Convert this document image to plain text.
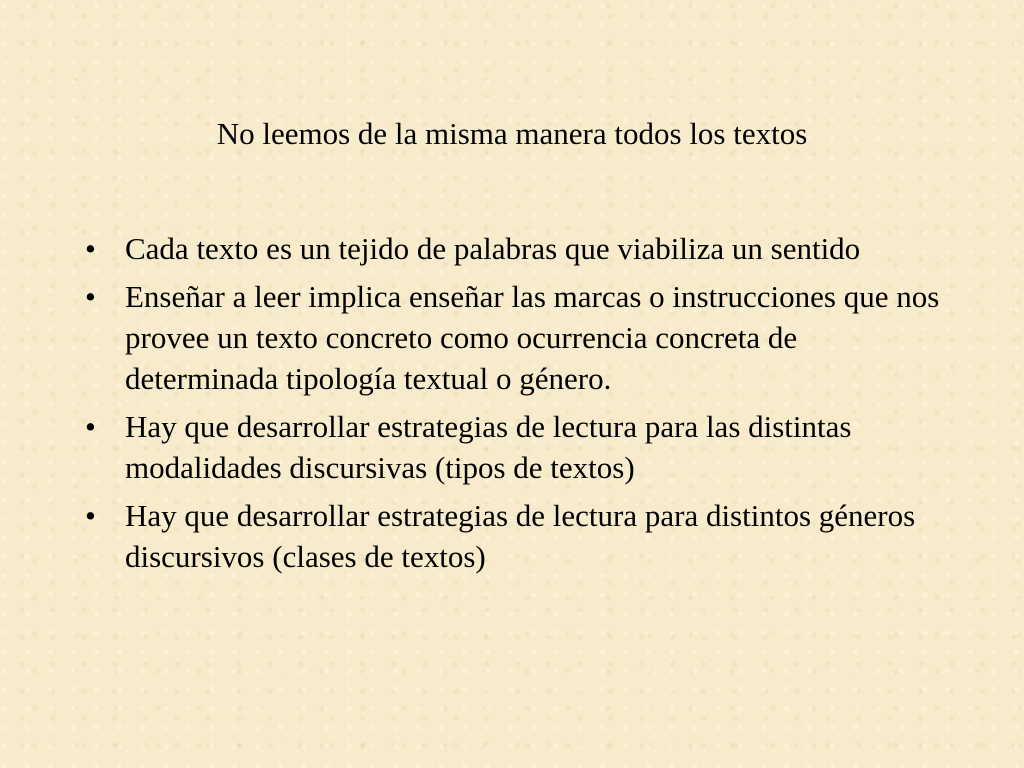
No leemos de la misma manera todos los textos
• Cada texto es un tejido de palabras que viabiliza un sentido
• Enseñar a leer implica enseñar las marcas o instrucciones que nos provee un texto concreto como ocurrencia concreta de determinada tipología textual o género.
• Hay que desarrollar estrategias de lectura para las distintas modalidades discursivas (tipos de textos)
• Hay que desarrollar estrategias de lectura para distintos géneros discursivos (clases de textos)
